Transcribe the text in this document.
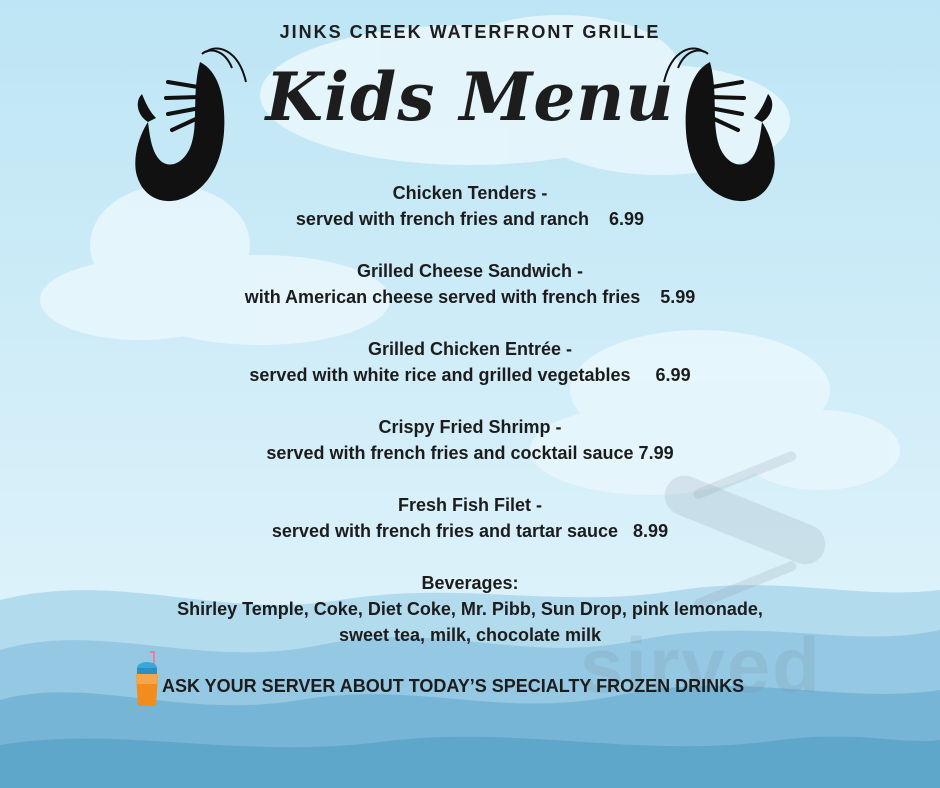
sirved
JINKS CREEK WATERFRONT GRILLE
Kids Menu
Chicken Tenders -
served with french fries and ranch    6.99
Grilled Cheese Sandwich -
with American cheese served with french fries    5.99
Grilled Chicken Entrée -
served with white rice and grilled vegetables     6.99
Crispy Fried Shrimp -
served with french fries and cocktail sauce 7.99
Fresh Fish Filet -
served with french fries and tartar sauce   8.99
Beverages:
Shirley Temple, Coke, Diet Coke, Mr. Pibb, Sun Drop, pink lemonade,
sweet tea, milk, chocolate milk
ASK YOUR SERVER ABOUT TODAY’S SPECIALTY FROZEN DRINKS
